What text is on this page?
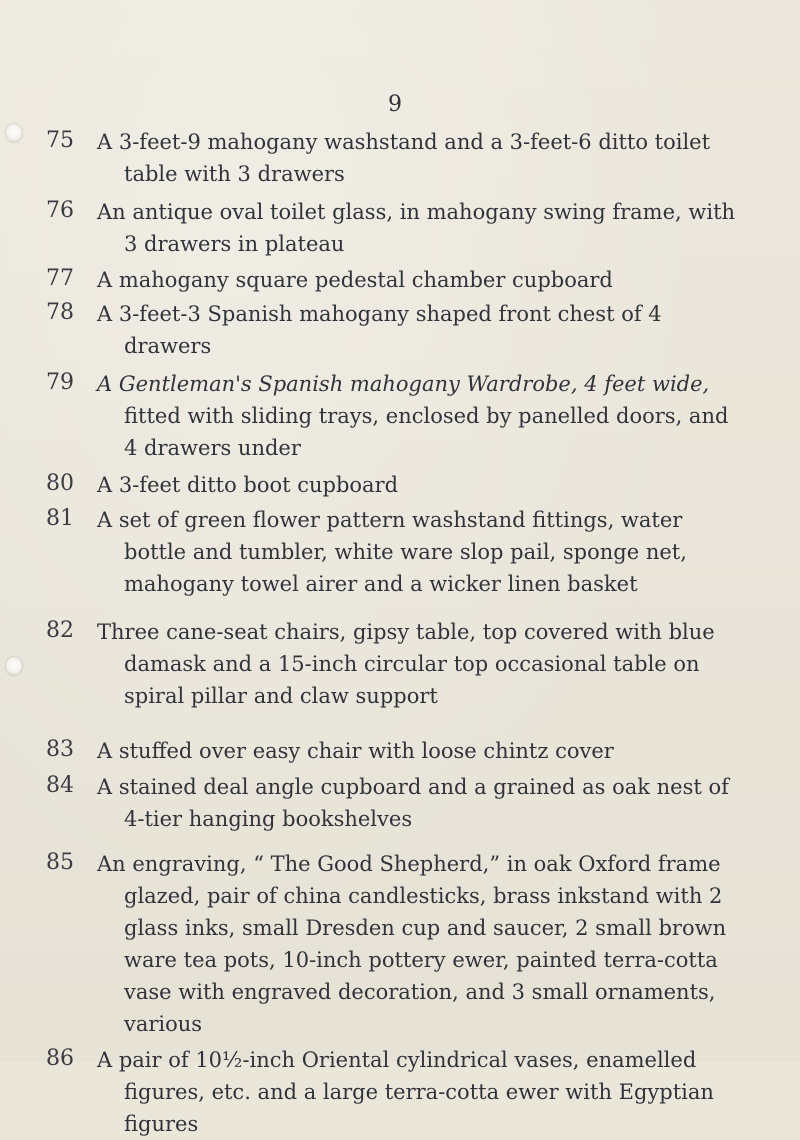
9
75 A 3-feet-9 mahogany washstand and a 3-feet-6 ditto toilet
table with 3 drawers
76 An antique oval toilet glass, in mahogany swing frame, with
3 drawers in plateau
77 A mahogany square pedestal chamber cupboard
78 A 3-feet-3 Spanish mahogany shaped front chest of 4
drawers
79 A Gentleman's Spanish mahogany Wardrobe, 4 feet wide,
fitted with sliding trays, enclosed by panelled doors, and
4 drawers under
80 A 3-feet ditto boot cupboard
81 A set of green flower pattern washstand fittings, water
bottle and tumbler, white ware slop pail, sponge net,
mahogany towel airer and a wicker linen basket
82 Three cane-seat chairs, gipsy table, top covered with blue
damask and a 15-inch circular top occasional table on
spiral pillar and claw support
83 A stuffed over easy chair with loose chintz cover
84 A stained deal angle cupboard and a grained as oak nest of
4-tier hanging bookshelves
85 An engraving, “ The Good Shepherd,” in oak Oxford frame
glazed, pair of china candlesticks, brass inkstand with 2
glass inks, small Dresden cup and saucer, 2 small brown
ware tea pots, 10-inch pottery ewer, painted terra-cotta
vase with engraved decoration, and 3 small ornaments,
various
86 A pair of 10½-inch Oriental cylindrical vases, enamelled
figures, etc. and a large terra-cotta ewer with Egyptian
figures
